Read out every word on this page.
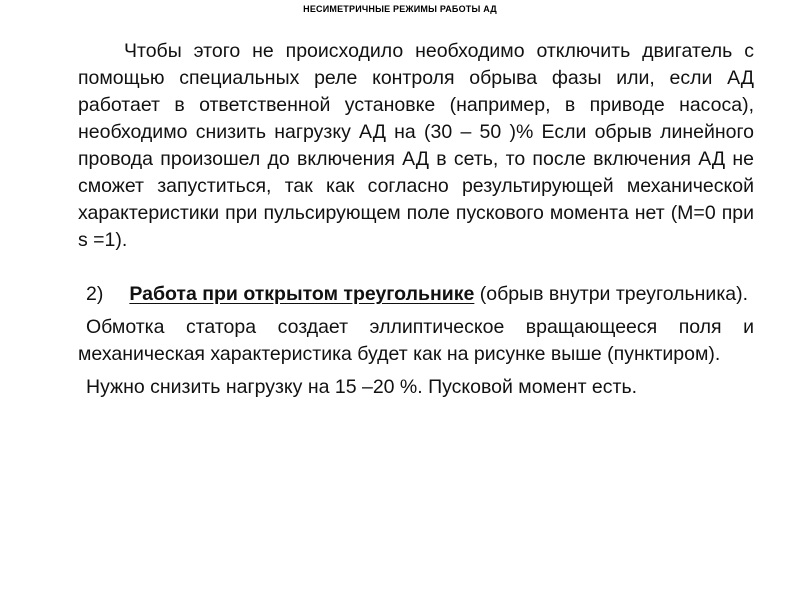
НЕСИМЕТРИЧНЫЕ РЕЖИМЫ РАБОТЫ АД

Чтобы этого не происходило необходимо отключить двигатель с помощью специальных реле контроля обрыва фазы или, если АД работает в ответственной установке (например, в приводе насоса), необходимо снизить нагрузку АД на (30 – 50 )% Если обрыв линейного провода произошел до включения АД в сеть, то после включения АД не сможет запуститься, так как согласно результирующей механической характеристики при пульсирующем поле пускового момента нет (М=0 при s =1).

2) Работа при открытом треугольнике (обрыв внутри треугольника).

Обмотка статора создает эллиптическое вращающееся поля и механическая характеристика будет как на рисунке выше (пунктиром).

Нужно снизить нагрузку на 15 –20 %. Пусковой момент есть.
